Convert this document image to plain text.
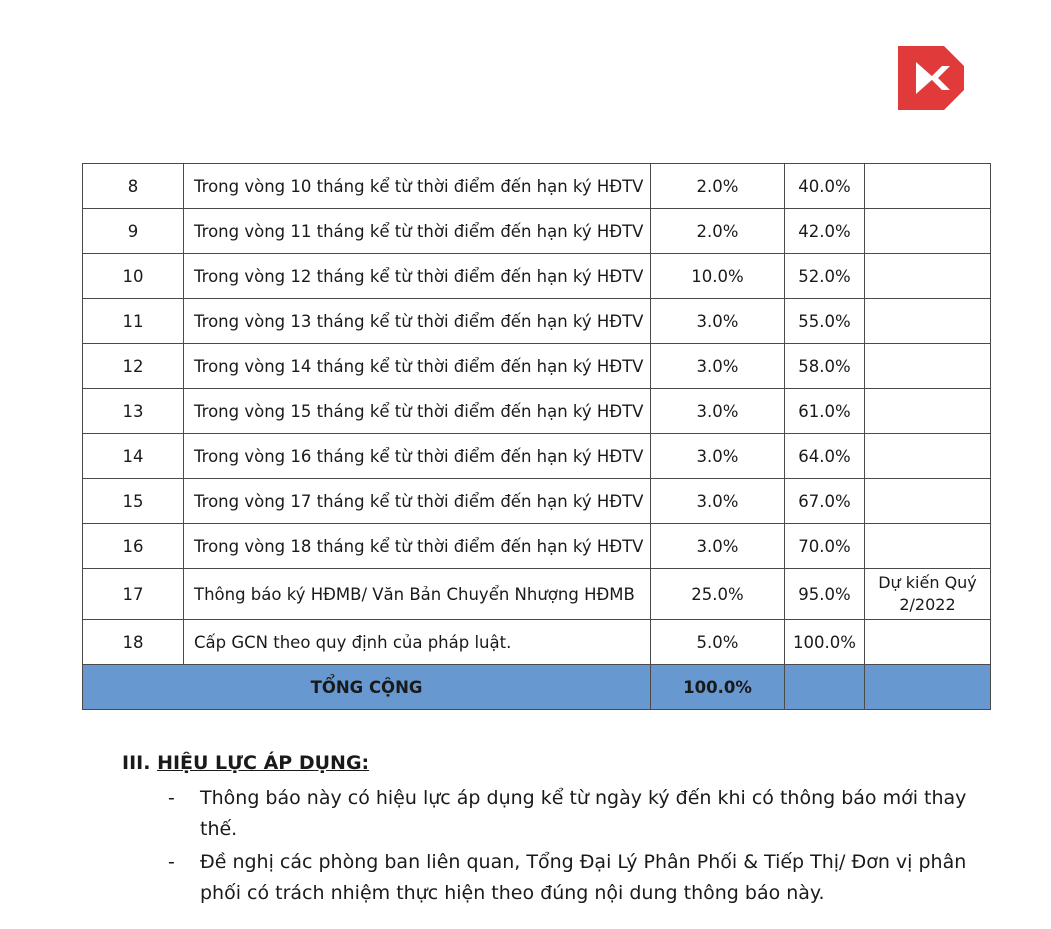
8	Trong vòng 10 tháng kể từ thời điểm đến hạn ký HĐTV	2.0%	40.0%	
9	Trong vòng 11 tháng kể từ thời điểm đến hạn ký HĐTV	2.0%	42.0%	
10	Trong vòng 12 tháng kể từ thời điểm đến hạn ký HĐTV	10.0%	52.0%	
11	Trong vòng 13 tháng kể từ thời điểm đến hạn ký HĐTV	3.0%	55.0%	
12	Trong vòng 14 tháng kể từ thời điểm đến hạn ký HĐTV	3.0%	58.0%	
13	Trong vòng 15 tháng kể từ thời điểm đến hạn ký HĐTV	3.0%	61.0%	
14	Trong vòng 16 tháng kể từ thời điểm đến hạn ký HĐTV	3.0%	64.0%	
15	Trong vòng 17 tháng kể từ thời điểm đến hạn ký HĐTV	3.0%	67.0%	
16	Trong vòng 18 tháng kể từ thời điểm đến hạn ký HĐTV	3.0%	70.0%	
17	Thông báo ký HĐMB/ Văn Bản Chuyển Nhượng HĐMB	25.0%	95.0%	Dự kiến Quý 2/2022
18	Cấp GCN theo quy định của pháp luật.	5.0%	100.0%	
TỔNG CỘNG		100.0%		
III. HIỆU LỰC ÁP DỤNG:
- Thông báo này có hiệu lực áp dụng kể từ ngày ký đến khi có thông báo mới thay thế.
- Đề nghị các phòng ban liên quan, Tổng Đại Lý Phân Phối & Tiếp Thị/ Đơn vị phân phối có trách nhiệm thực hiện theo đúng nội dung thông báo này.
